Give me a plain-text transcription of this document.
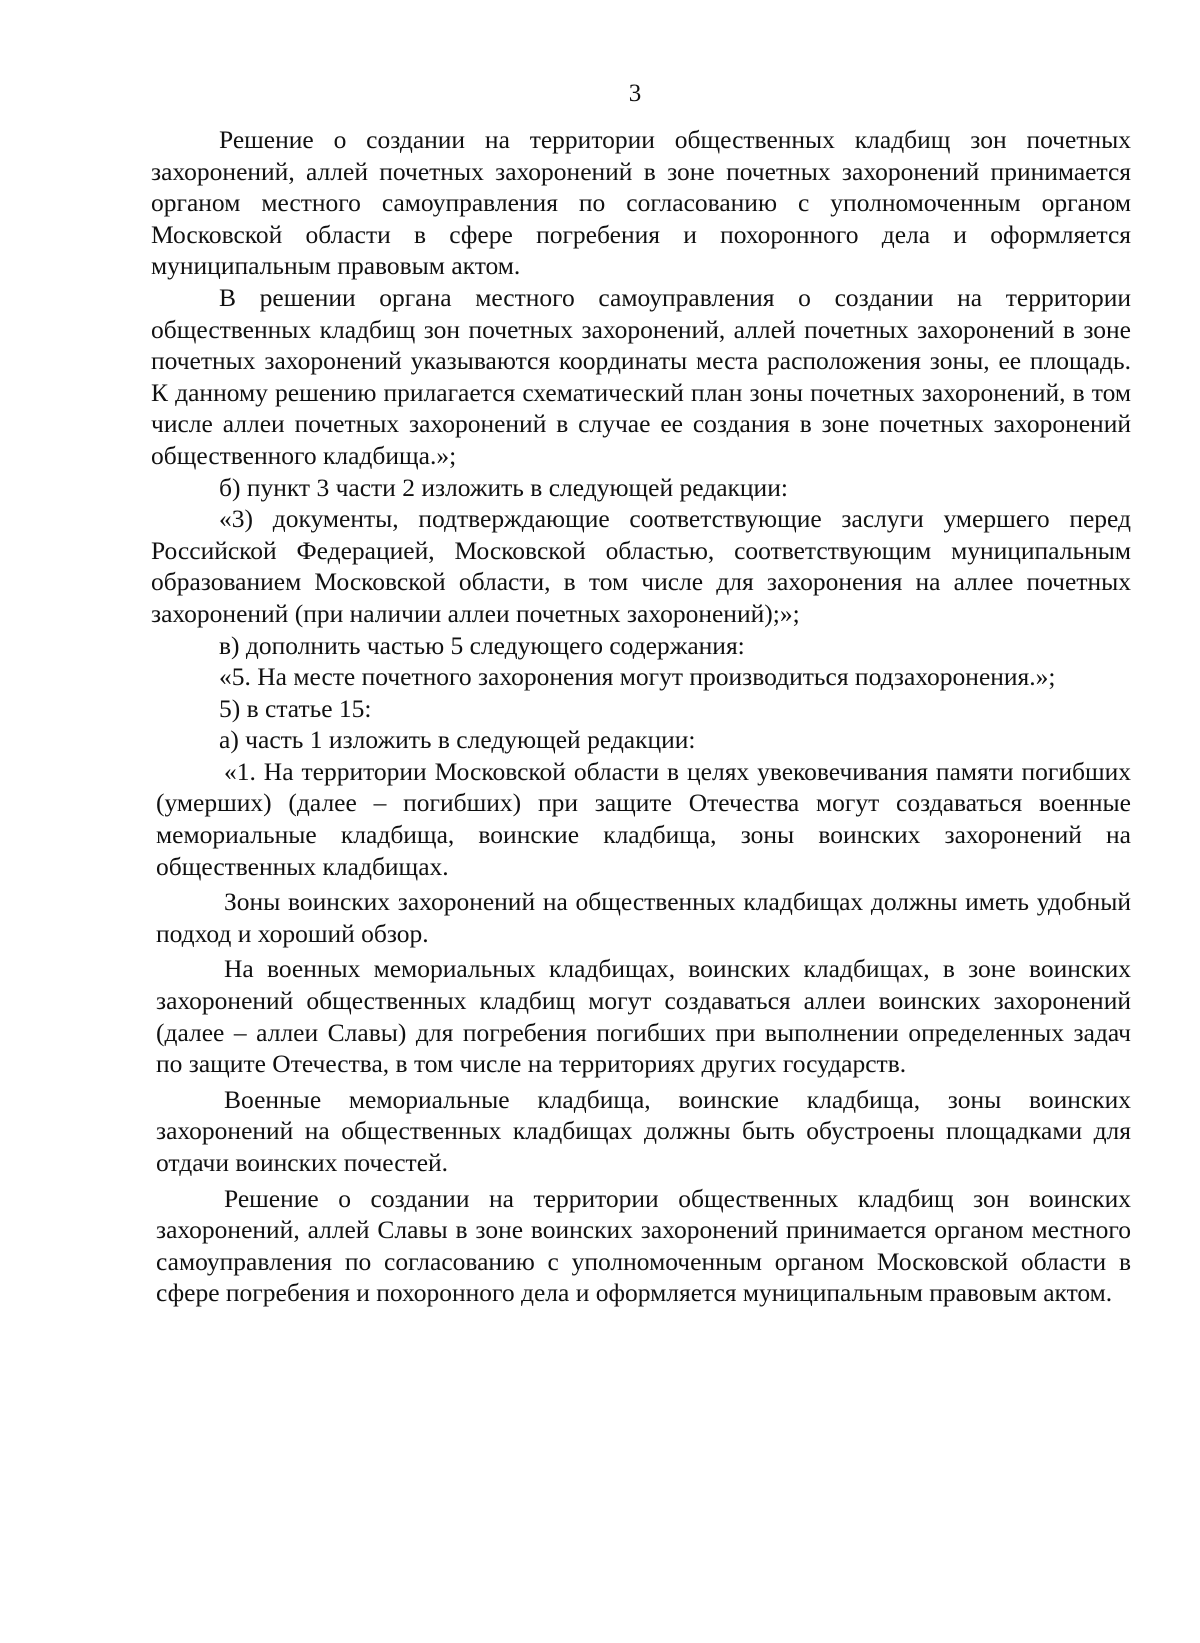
3

Решение о создании на территории общественных кладбищ зон почетных захоронений, аллей почетных захоронений в зоне почетных захоронений принимается органом местного самоуправления по согласованию с уполномоченным органом Московской области в сфере погребения и похоронного дела и оформляется муниципальным правовым актом.

В решении органа местного самоуправления о создании на территории общественных кладбищ зон почетных захоронений, аллей почетных захоронений в зоне почетных захоронений указываются координаты места расположения зоны, ее площадь. К данному решению прилагается схематический план зоны почетных захоронений, в том числе аллеи почетных захоронений в случае ее создания в зоне почетных захоронений общественного кладбища.»;

б) пункт 3 части 2 изложить в следующей редакции:

«3) документы, подтверждающие соответствующие заслуги умершего перед Российской Федерацией, Московской областью, соответствующим муниципальным образованием Московской области, в том числе для захоронения на аллее почетных захоронений (при наличии аллеи почетных захоронений);»;

в) дополнить частью 5 следующего содержания:

«5. На месте почетного захоронения могут производиться подзахоронения.»;

5) в статье 15:

а) часть 1 изложить в следующей редакции:

«1. На территории Московской области в целях увековечивания памяти погибших (умерших) (далее – погибших) при защите Отечества могут создаваться военные мемориальные кладбища, воинские кладбища, зоны воинских захоронений на общественных кладбищах.

Зоны воинских захоронений на общественных кладбищах должны иметь удобный подход и хороший обзор.

На военных мемориальных кладбищах, воинских кладбищах, в зоне воинских захоронений общественных кладбищ могут создаваться аллеи воинских захоронений (далее – аллеи Славы) для погребения погибших при выполнении определенных задач по защите Отечества, в том числе на территориях других государств.

Военные мемориальные кладбища, воинские кладбища, зоны воинских захоронений на общественных кладбищах должны быть обустроены площадками для отдачи воинских почестей.

Решение о создании на территории общественных кладбищ зон воинских захоронений, аллей Славы в зоне воинских захоронений принимается органом местного самоуправления по согласованию с уполномоченным органом Московской области в сфере погребения и похоронного дела и оформляется муниципальным правовым актом.
